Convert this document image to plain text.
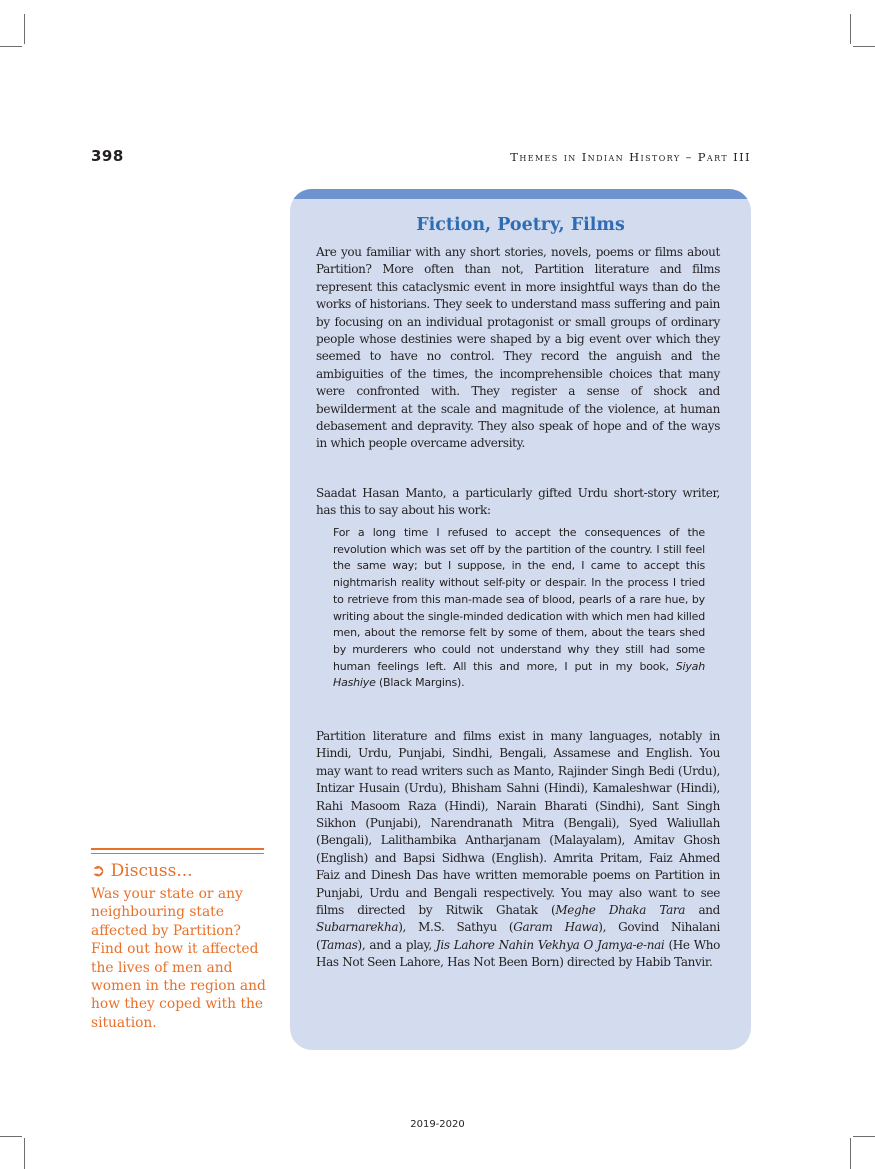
398	Themes in Indian History – Part III
Fiction, Poetry, Films

Are you familiar with any short stories, novels, poems or films about Partition? More often than not, Partition literature and films represent this cataclysmic event in more insightful ways than do the works of historians. They seek to understand mass suffering and pain by focusing on an individual protagonist or small groups of ordinary people whose destinies were shaped by a big event over which they seemed to have no control. They record the anguish and the ambiguities of the times, the incomprehensible choices that many were confronted with. They register a sense of shock and bewilderment at the scale and magnitude of the violence, at human debasement and depravity. They also speak of hope and of the ways in which people overcame adversity.

Saadat Hasan Manto, a particularly gifted Urdu short-story writer, has this to say about his work:

For a long time I refused to accept the consequences of the revolution which was set off by the partition of the country. I still feel the same way; but I suppose, in the end, I came to accept this nightmarish reality without self-pity or despair. In the process I tried to retrieve from this man-made sea of blood, pearls of a rare hue, by writing about the single-minded dedication with which men had killed men, about the remorse felt by some of them, about the tears shed by murderers who could not understand why they still had some human feelings left. All this and more, I put in my book, Siyah Hashiye (Black Margins).

Partition literature and films exist in many languages, notably in Hindi, Urdu, Punjabi, Sindhi, Bengali, Assamese and English. You may want to read writers such as Manto, Rajinder Singh Bedi (Urdu), Intizar Husain (Urdu), Bhisham Sahni (Hindi), Kamaleshwar (Hindi), Rahi Masoom Raza (Hindi), Narain Bharati (Sindhi), Sant Singh Sikhon (Punjabi), Narendranath Mitra (Bengali), Syed Waliullah (Bengali), Lalithambika Antharjanam (Malayalam), Amitav Ghosh (English) and Bapsi Sidhwa (English). Amrita Pritam, Faiz Ahmed Faiz and Dinesh Das have written memorable poems on Partition in Punjabi, Urdu and Bengali respectively. You may also want to see films directed by Ritwik Ghatak (Meghe Dhaka Tara and Subarnarekha), M.S. Sathyu (Garam Hawa), Govind Nihalani (Tamas), and a play, Jis Lahore Nahin Vekhya O Jamya-e-nai (He Who Has Not Seen Lahore, Has Not Been Born) directed by Habib Tanvir.

➲ Discuss...

Was your state or any neighbouring state affected by Partition? Find out how it affected the lives of men and women in the region and how they coped with the situation.

2019-2020
